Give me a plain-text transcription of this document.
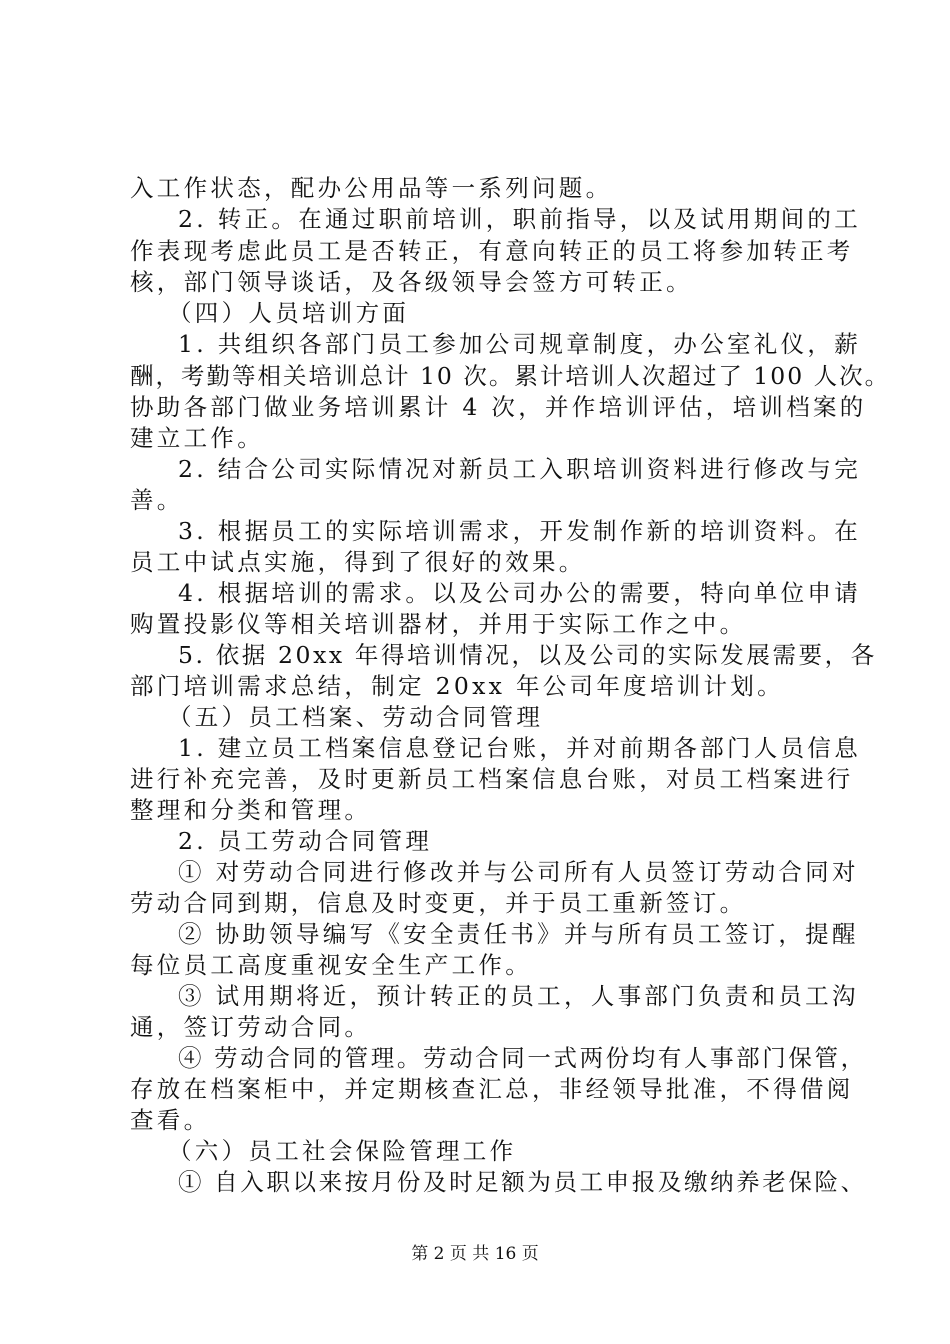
入工作状态，配办公用品等一系列问题。
2. 转正。在通过职前培训，职前指导，以及试用期间的工
作表现考虑此员工是否转正，有意向转正的员工将参加转正考
核，部门领导谈话，及各级领导会签方可转正。
（四）人员培训方面
1. 共组织各部门员工参加公司规章制度，办公室礼仪，薪
酬，考勤等相关培训总计 10 次。累计培训人次超过了 100 人次。
协助各部门做业务培训累计 4 次，并作培训评估，培训档案的
建立工作。
2. 结合公司实际情况对新员工入职培训资料进行修改与完
善。
3. 根据员工的实际培训需求，开发制作新的培训资料。在
员工中试点实施，得到了很好的效果。
4. 根据培训的需求。以及公司办公的需要，特向单位申请
购置投影仪等相关培训器材，并用于实际工作之中。
5. 依据 20xx 年得培训情况，以及公司的实际发展需要，各
部门培训需求总结，制定 20xx 年公司年度培训计划。
（五）员工档案、劳动合同管理
1. 建立员工档案信息登记台账，并对前期各部门人员信息
进行补充完善，及时更新员工档案信息台账，对员工档案进行
整理和分类和管理。
2. 员工劳动合同管理
① 对劳动合同进行修改并与公司所有人员签订劳动合同对
劳动合同到期，信息及时变更，并于员工重新签订。
② 协助领导编写《安全责任书》并与所有员工签订，提醒
每位员工高度重视安全生产工作。
③ 试用期将近，预计转正的员工，人事部门负责和员工沟
通，签订劳动合同。
④ 劳动合同的管理。劳动合同一式两份均有人事部门保管，
存放在档案柜中，并定期核查汇总，非经领导批准，不得借阅
查看。
（六）员工社会保险管理工作
① 自入职以来按月份及时足额为员工申报及缴纳养老保险、
第 2 页 共 16 页
